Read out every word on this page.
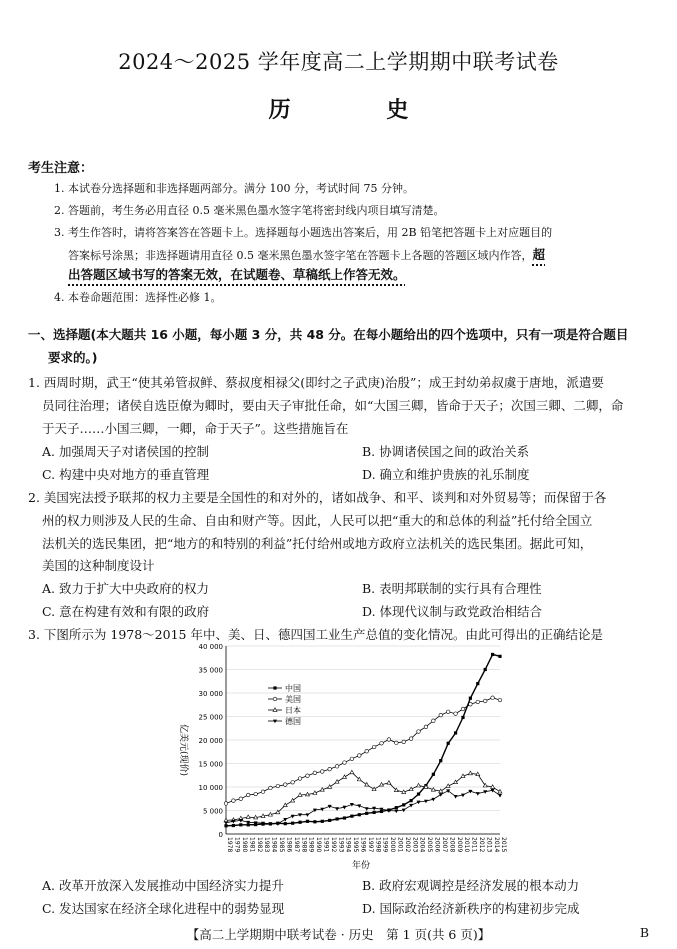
2024～2025 学年度高二上学期期中联考试卷
历 史
考生注意：
1. 本试卷分选择题和非选择题两部分。满分 100 分，考试时间 75 分钟。
2. 答题前，考生务必用直径 0.5 毫米黑色墨水签字笔将密封线内项目填写清楚。
3. 考生作答时，请将答案答在答题卡上。选择题每小题选出答案后，用 2B 铅笔把答题卡上对应题目的
答案标号涂黑；非选择题请用直径 0.5 毫米黑色墨水签字笔在答题卡上各题的答题区域内作答，超
出答题区域书写的答案无效，在试题卷、草稿纸上作答无效。
4. 本卷命题范围：选择性必修 1。
一、选择题(本大题共 16 小题，每小题 3 分，共 48 分。在每小题给出的四个选项中，只有一项是符合题目
要求的。)
1. 西周时期，武王“使其弟管叔鲜、蔡叔度相禄父(即纣之子武庚)治殷”；成王封幼弟叔虞于唐地，派遣要
员同往治理；诸侯自选臣僚为卿时，要由天子审批任命，如“大国三卿，皆命于天子；次国三卿、二卿，命
于天子……小国三卿，一卿，命于天子”。这些措施旨在
A. 加强周天子对诸侯国的控制	B. 协调诸侯国之间的政治关系
C. 构建中央对地方的垂直管理	D. 确立和维护贵族的礼乐制度
2. 美国宪法授予联邦的权力主要是全国性的和对外的，诸如战争、和平、谈判和对外贸易等；而保留于各
州的权力则涉及人民的生命、自由和财产等。因此，人民可以把“重大的和总体的利益”托付给全国立
法机关的选民集团，把“地方的和特别的利益”托付给州或地方政府立法机关的选民集团。据此可知，
美国的这种制度设计
A. 致力于扩大中央政府的权力	B. 表明邦联制的实行具有合理性
C. 意在构建有效和有限的政府	D. 体现代议制与政党政治相结合
3. 下图所示为 1978～2015 年中、美、日、德四国工业生产总值的变化情况。由此可得出的正确结论是
40 000
35 000
30 000
25 000
20 000
15 000
10 000
5 000
0
1978 1979 1980 1981 1982 1983 1984 1985 1986 1987 1988 1989 1990 1991 1992 1993 1994 1995 1996 1997 1998 1999 2000 2001 2002 2003 2004 2005 2006 2007 2008 2009 2010 2011 2012 2013 2014 2015
中国
美国
日本
德国
亿美元(现价)
年份
A. 改革开放深入发展推动中国经济实力提升	B. 政府宏观调控是经济发展的根本动力
C. 发达国家在经济全球化进程中的弱势显现	D. 国际政治经济新秩序的构建初步完成
【高二上学期期中联考试卷 · 历史　第 1 页(共 6 页)】	B
